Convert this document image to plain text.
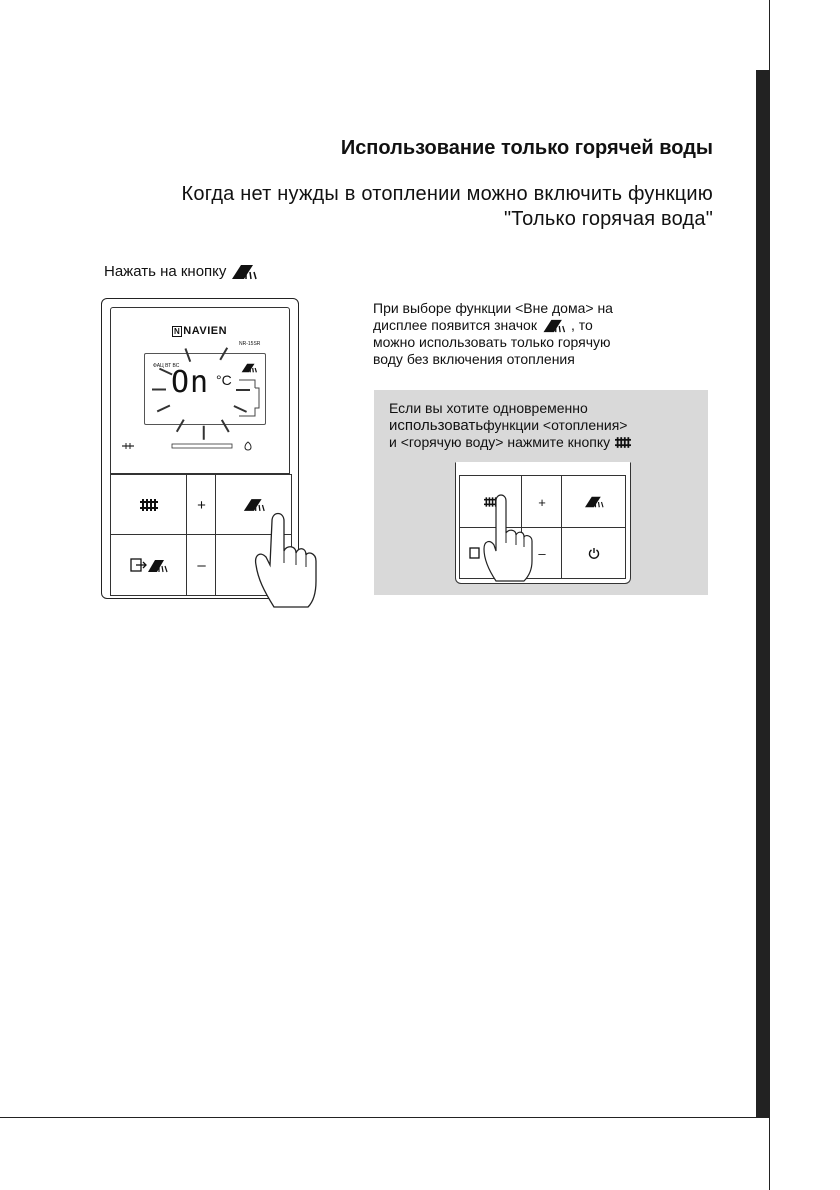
Использование только горячей воды
Когда нет нужды в отоплении можно включить функцию
"Только горячая вода"
Нажать на кнопку
N NAVIEN
NR-15SR
ФАЦ ВТ ВС
On °C
+
–
При выборе функции <Вне дома> на
дисплее появится значок , то
можно использовать только горячую
воду без включения отопления
Если вы хотите одновременно
использовать функции <отопления>
и <горячую воду> нажмите кнопку
+
–
